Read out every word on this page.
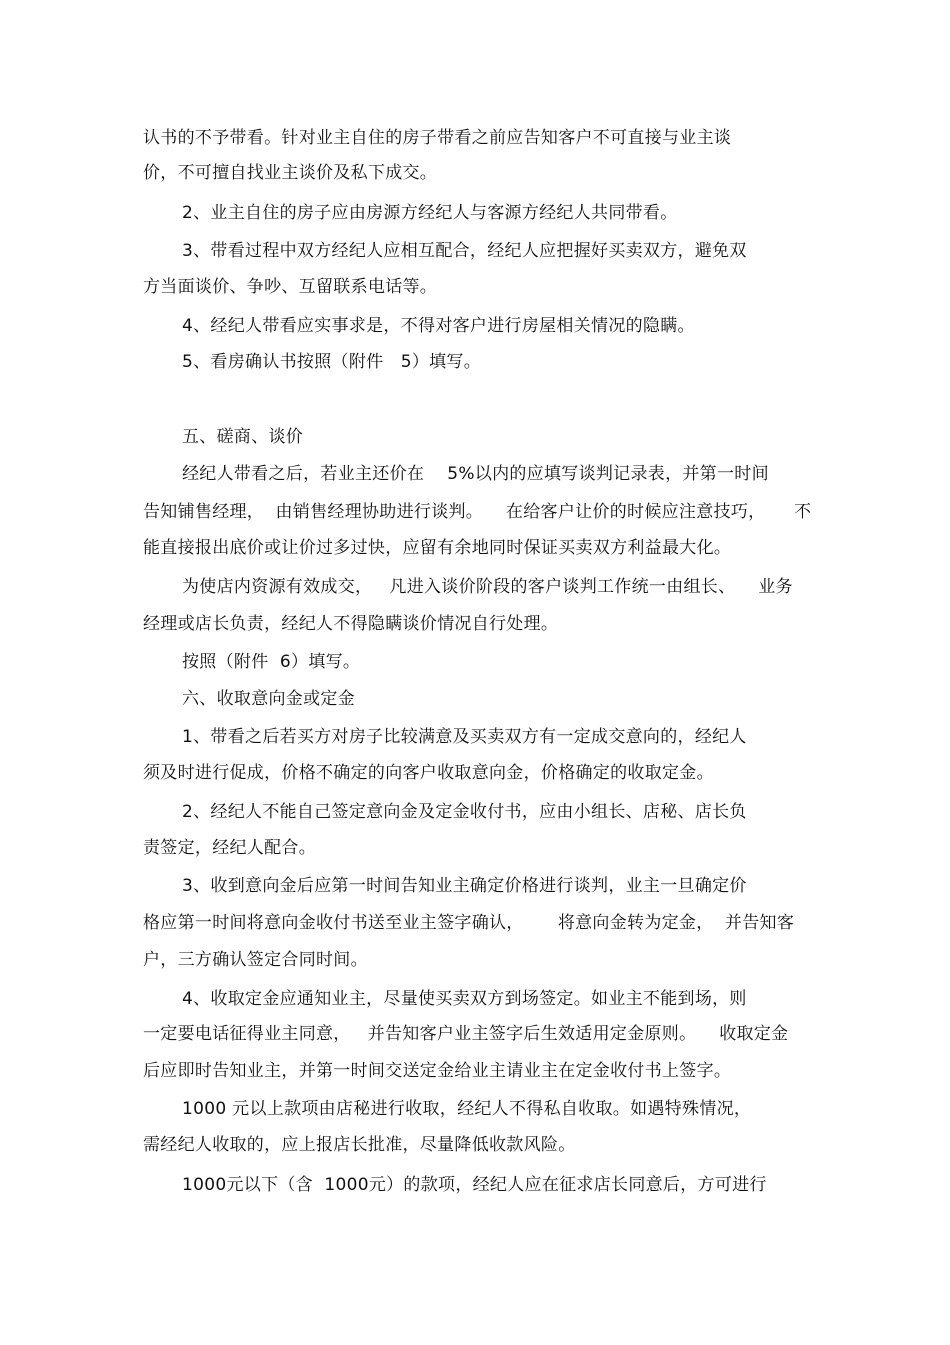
认书的不予带看。针对业主自住的房子带看之前应告知客户不可直接与业主谈
价，不可擅自找业主谈价及私下成交。
2、业主自住的房子应由房源方经纪人与客源方经纪人共同带看。
3、带看过程中双方经纪人应相互配合，经纪人应把握好买卖双方，避免双
方当面谈价、争吵、互留联系电话等。
4、经纪人带看应实事求是，不得对客户进行房屋相关情况的隐瞒。
5、看房确认书按照（附件　5）填写。
五、磋商、谈价
经纪人带看之后，若业主还价在　 5%以内的应填写谈判记录表，并第一时间
告知铺售经理，  由销售经理协助进行谈判。    在给客户让价的时候应注意技巧，     不
能直接报出底价或让价过多过快，应留有余地同时保证买卖双方利益最大化。
为使店内资源有效成交，   凡进入谈价阶段的客户谈判工作统一由组长、    业务
经理或店长负责，经纪人不得隐瞒谈价情况自行处理。
按照（附件  6）填写。
六、收取意向金或定金
1、带看之后若买方对房子比较满意及买卖双方有一定成交意向的，经纪人
须及时进行促成，价格不确定的向客户收取意向金，价格确定的收取定金。
2、经纪人不能自己签定意向金及定金收付书，应由小组长、店秘、店长负
责签定，经纪人配合。
3、收到意向金后应第一时间告知业主确定价格进行谈判，业主一旦确定价
格应第一时间将意向金收付书送至业主签字确认，      将意向金转为定金，  并告知客
户，三方确认签定合同时间。
4、收取定金应通知业主，尽量使买卖双方到场签定。如业主不能到场，则
一定要电话征得业主同意，   并告知客户业主签字后生效适用定金原则。    收取定金
后应即时告知业主，并第一时间交送定金给业主请业主在定金收付书上签字。
1000 元以上款项由店秘进行收取，经纪人不得私自收取。如遇特殊情况，
需经纪人收取的，应上报店长批准，尽量降低收款风险。
1000元以下（含  1000元）的款项，经纪人应在征求店长同意后，方可进行
